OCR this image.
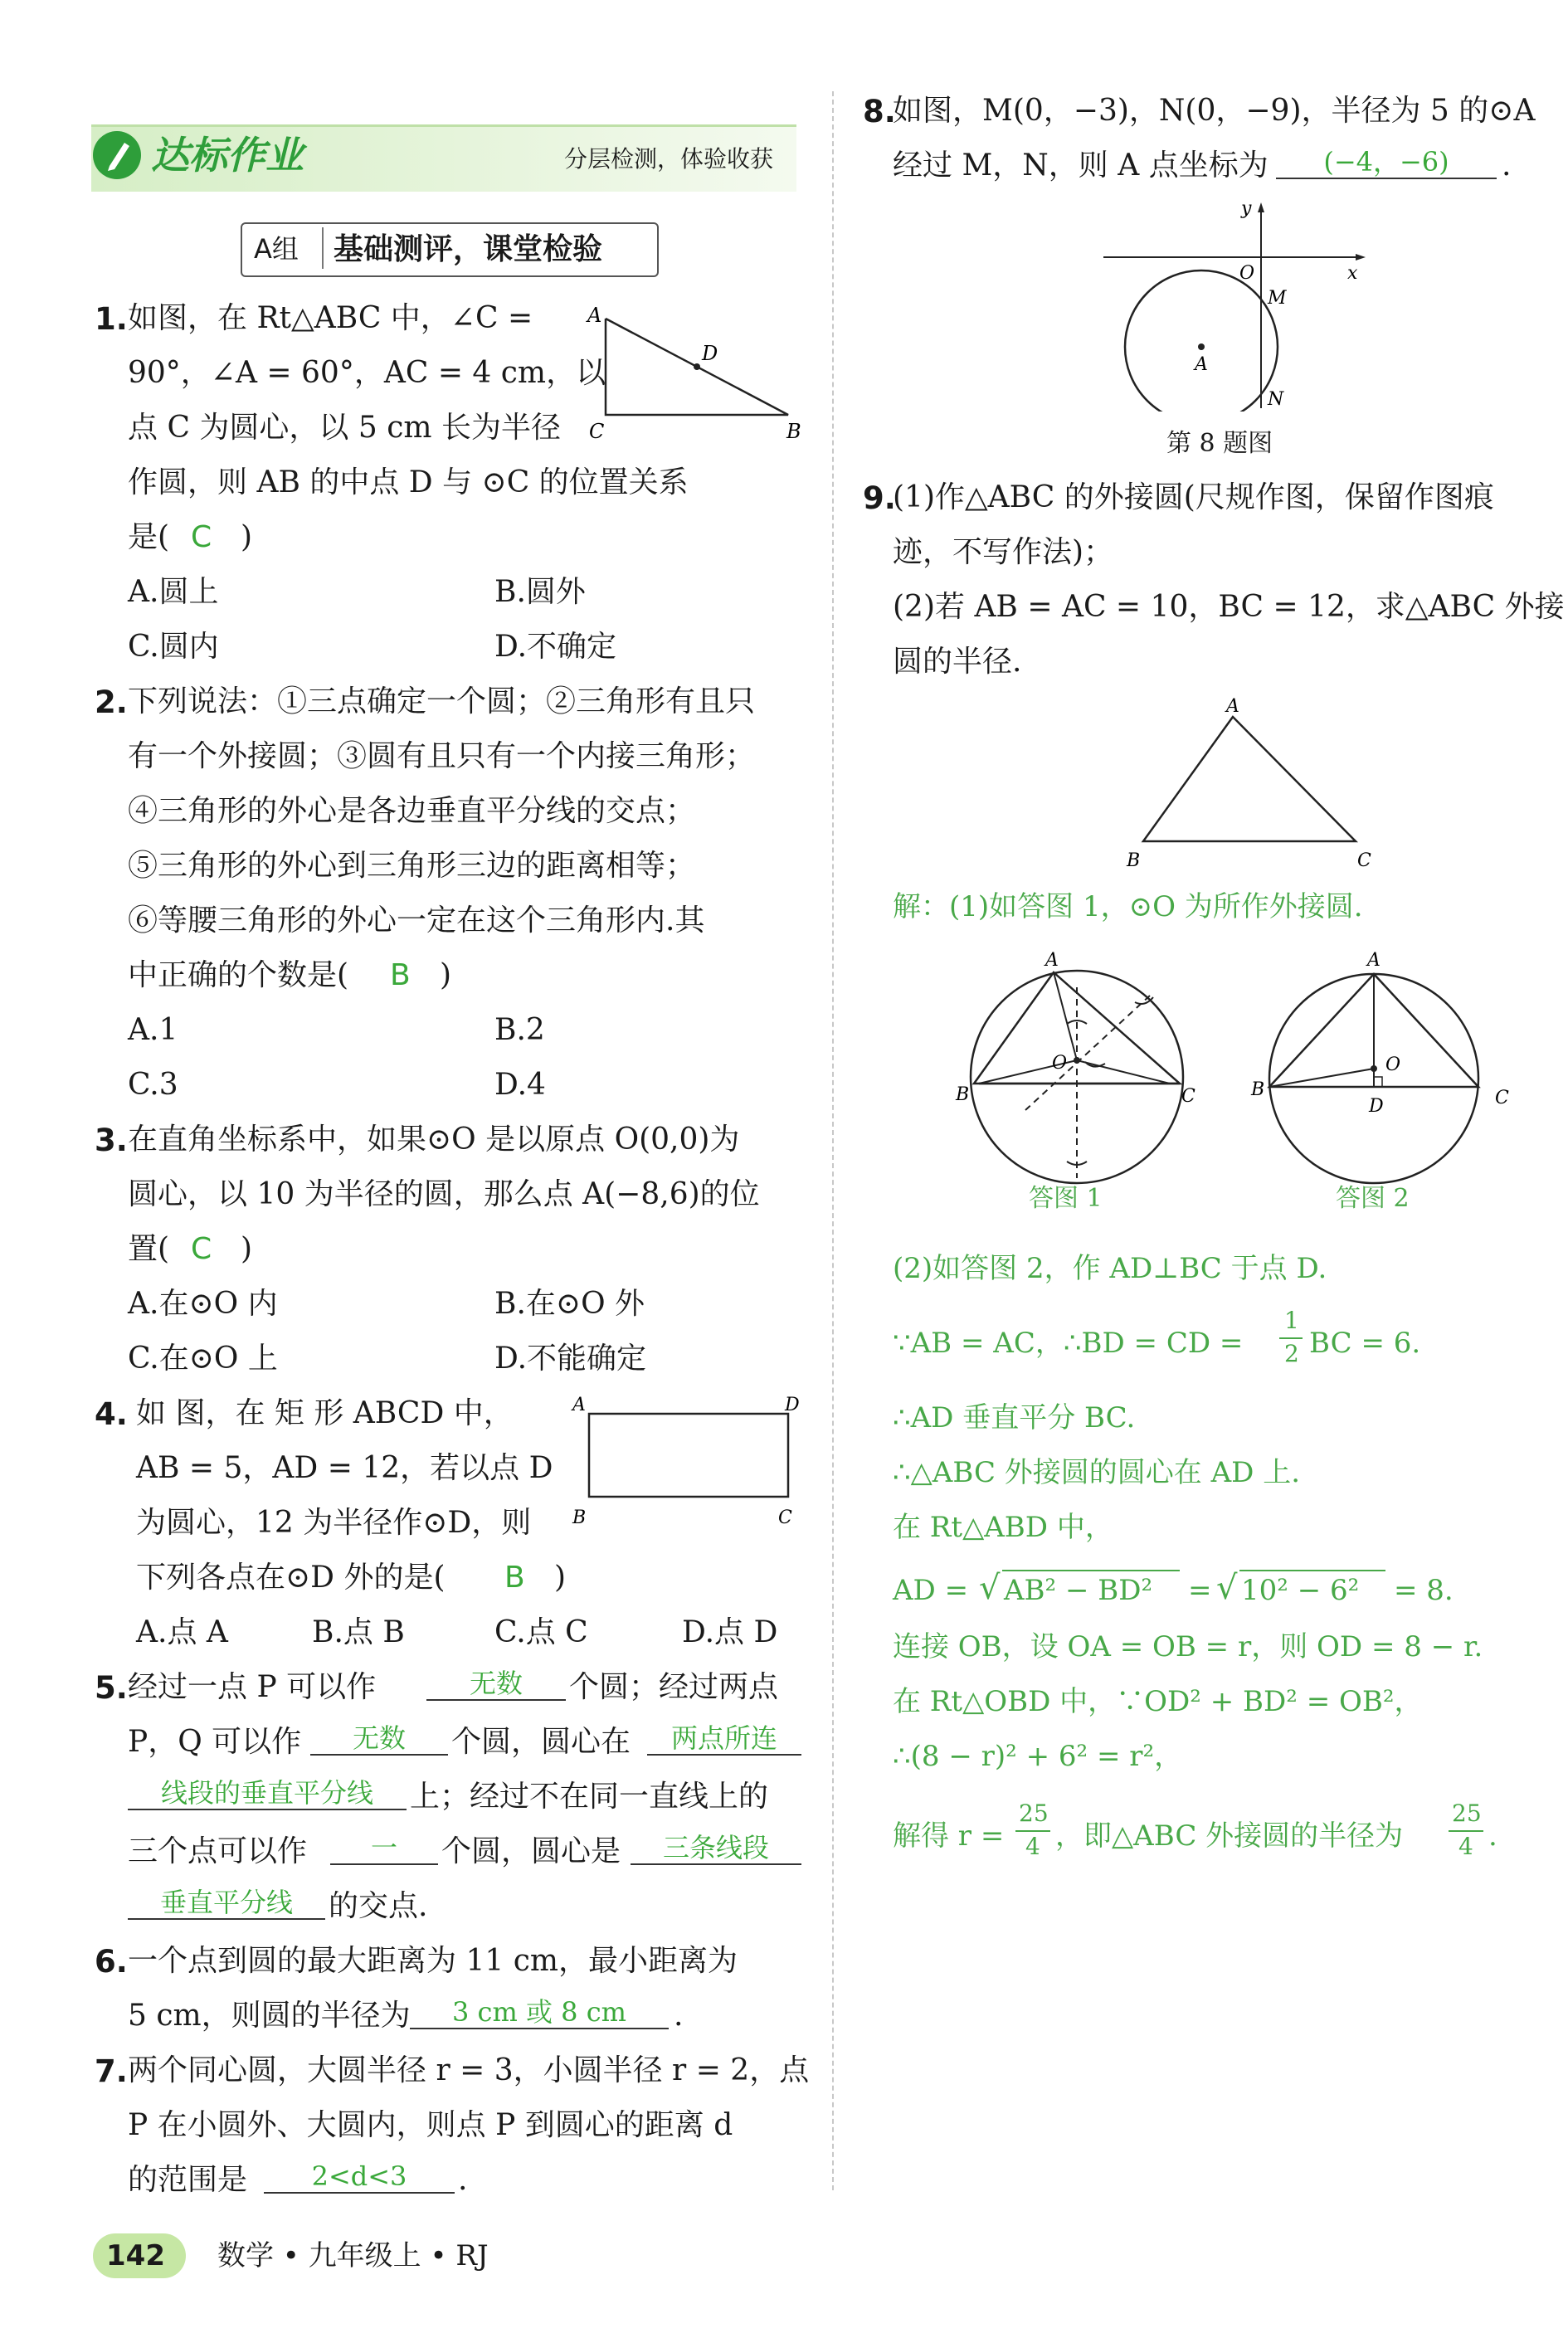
达标作业	分层检测，体验收获
A组 基础测评，课堂检验
1. 如图，在 Rt△ABC 中，∠C =
90°，∠A = 60°，AC = 4 cm，以
点 C 为圆心，以 5 cm 长为半径
作圆，则 AB 的中点 D 与 ⊙C 的位置关系
是( C )
A.圆上	B.圆外
C.圆内	D.不确定
A
D
C	B
2. 下列说法：①三点确定一个圆；②三角形有且只
有一个外接圆；③圆有且只有一个内接三角形；
④三角形的外心是各边垂直平分线的交点；
⑤三角形的外心到三角形三边的距离相等；
⑥等腰三角形的外心一定在这个三角形内.其
中正确的个数是( B )
A.1	B.2
C.3	D.4
3. 在直角坐标系中，如果⊙O 是以原点 O(0,0)为
圆心，以 10 为半径的圆，那么点 A(−8,6)的位
置( C )
A.在⊙O 内	B.在⊙O 外
C.在⊙O 上	D.不能确定
4. 如 图，在 矩 形 ABCD 中，
AB = 5，AD = 12，若以点 D
为圆心，12 为半径作⊙D，则
下列各点在⊙D 外的是( B )
A.点 A	B.点 B	C.点 C	D.点 D
A	D
B	C
5. 经过一点 P 可以作	无数	个圆；经过两点
P，Q 可以作	无数	个圆，圆心在	两点所连
线段的垂直平分线	上；经过不在同一直线上的
三个点可以作	一	个圆，圆心是	三条线段
垂直平分线	的交点.
6. 一个点到圆的最大距离为 11 cm，最小距离为
5 cm，则圆的半径为	3 cm 或 8 cm	.
7. 两个同心圆，大圆半径 r = 3，小圆半径 r = 2，点
P 在小圆外、大圆内，则点 P 到圆心的距离 d
的范围是	2<d<3	.
142 数学 • 九年级上 • RJ
8.
如图，M(0，−3)，N(0，−9)，半径为 5 的⊙A
经过 M，N，则 A 点坐标为	(−4，−6)	.
y
x
O
M
A
N
第 8 题图
9.
(1)作△ABC 的外接圆(尺规作图，保留作图痕
迹，不写作法)；
(2)若 AB = AC = 10，BC = 12，求△ABC 外接
圆的半径.
A
B	C
解：(1)如答图 1，⊙O 为所作外接圆.
A
O
B	C
答图 1
A
O
B
D	C
答图 2
(2)如答图 2，作 AD⊥BC 于点 D.
∵AB = AC，∴BD = CD =
1
2 BC = 6.
∴AD 垂直平分 BC.
∴△ABC 外接圆的圆心在 AD 上.
在 Rt△ABD 中，
AD = √ AB² − BD² = √ 10² − 6² = 8.
连接 OB，设 OA = OB = r，则 OD = 8 − r.
在 Rt△OBD 中，∵OD² + BD² = OB²，
∴(8 − r)² + 6² = r²，
解得 r =
25
4 ，即△ABC 外接圆的半径为
25
4 .
